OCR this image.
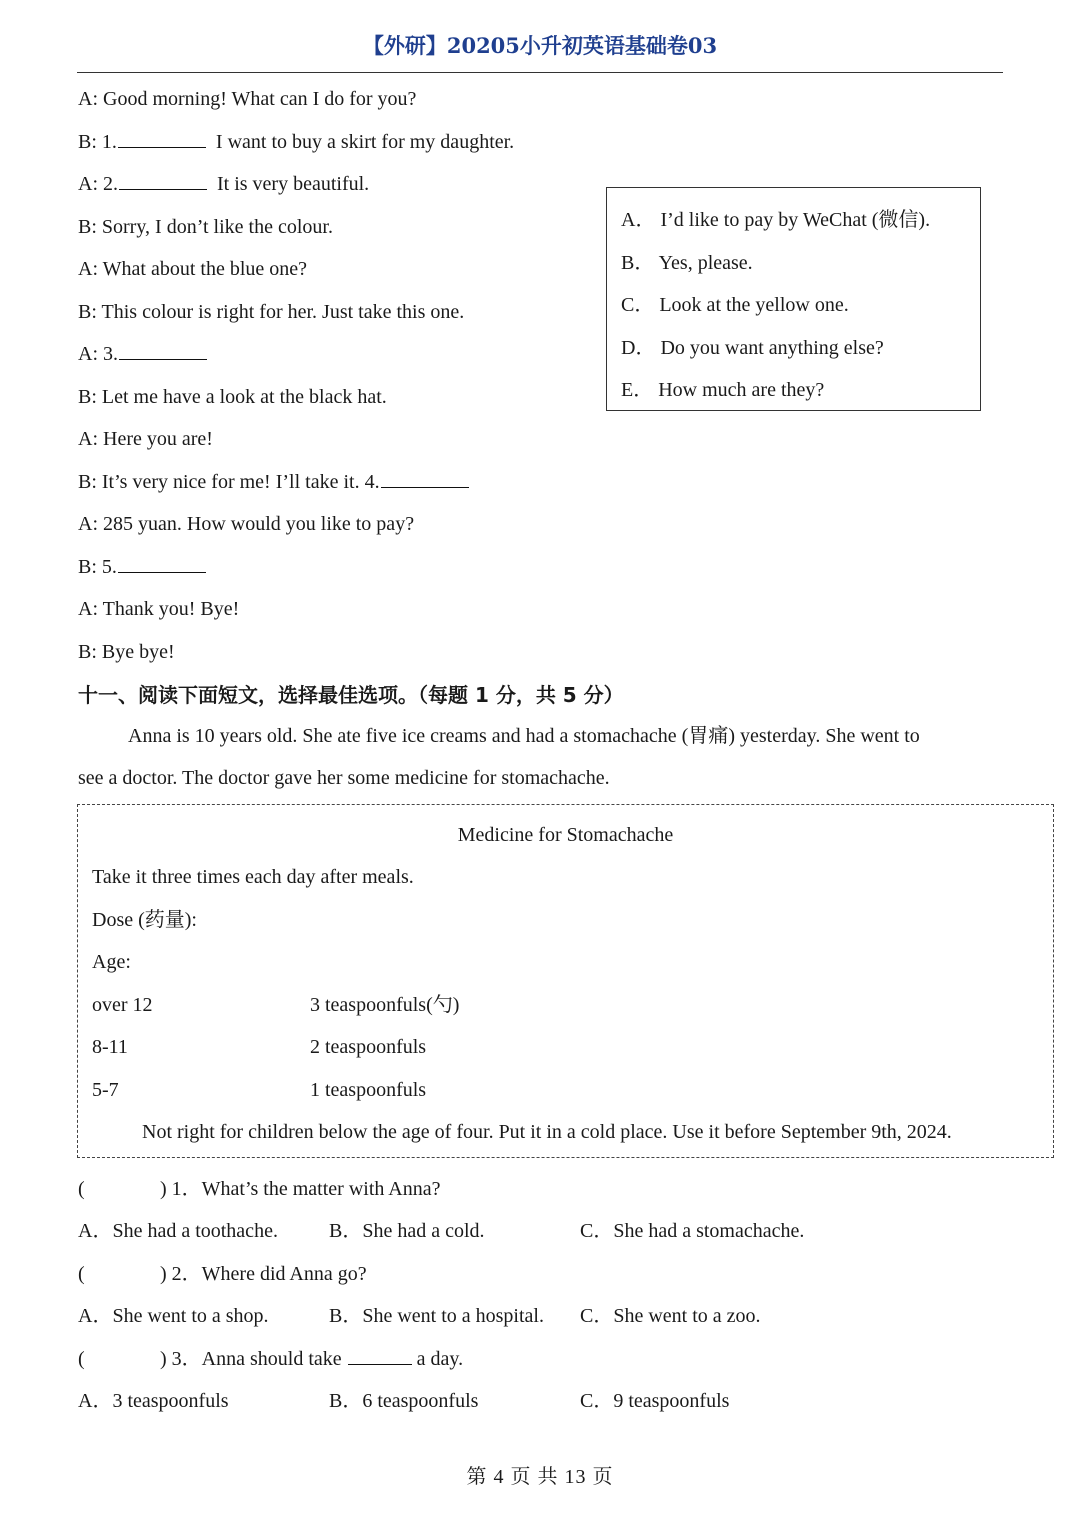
【外研】20205小升初英语基础卷03
A: Good morning! What can I do for you?
B: 1.	I want to buy a skirt for my daughter.
A: 2.	It is very beautiful.
B: Sorry, I don’t like the colour.
A: What about the blue one?
B: This colour is right for her. Just take this one.
A: 3.
B: Let me have a look at the black hat.
A: Here you are!
B: It’s very nice for me! I’ll take it. 4.
A: 285 yuan. How would you like to pay?
B: 5.
A: Thank you! Bye!
B: Bye bye!
A． I’d like to pay by WeChat (微信).
B． Yes, please.
C． Look at the yellow one.
D． Do you want anything else?
E． How much are they?
十一、阅读下面短文，选择最佳选项。（每题 1 分，共 5 分）
Anna is 10 years old. She ate five ice creams and had a stomachache (胃痛) yesterday. She went to
see a doctor. The doctor gave her some medicine for stomachache.
Medicine for Stomachache
Take it three times each day after meals.
Dose (药量):
Age:
over 12	3 teaspoonfuls(勺)
8-11	2 teaspoonfuls
5-7	1 teaspoonfuls
Not right for children below the age of four. Put it in a cold place. Use it before September 9th, 2024.
(	) 1．What’s the matter with Anna?
A．She had a toothache.	B．She had a cold.	C．She had a stomachache.
(	) 2．Where did Anna go?
A．She went to a shop.	B．She went to a hospital. C．She went to a zoo.
(	) 3．Anna should take	a day.
A．3 teaspoonfuls	B．6 teaspoonfuls	C．9 teaspoonfuls
第 4 页 共 13 页
